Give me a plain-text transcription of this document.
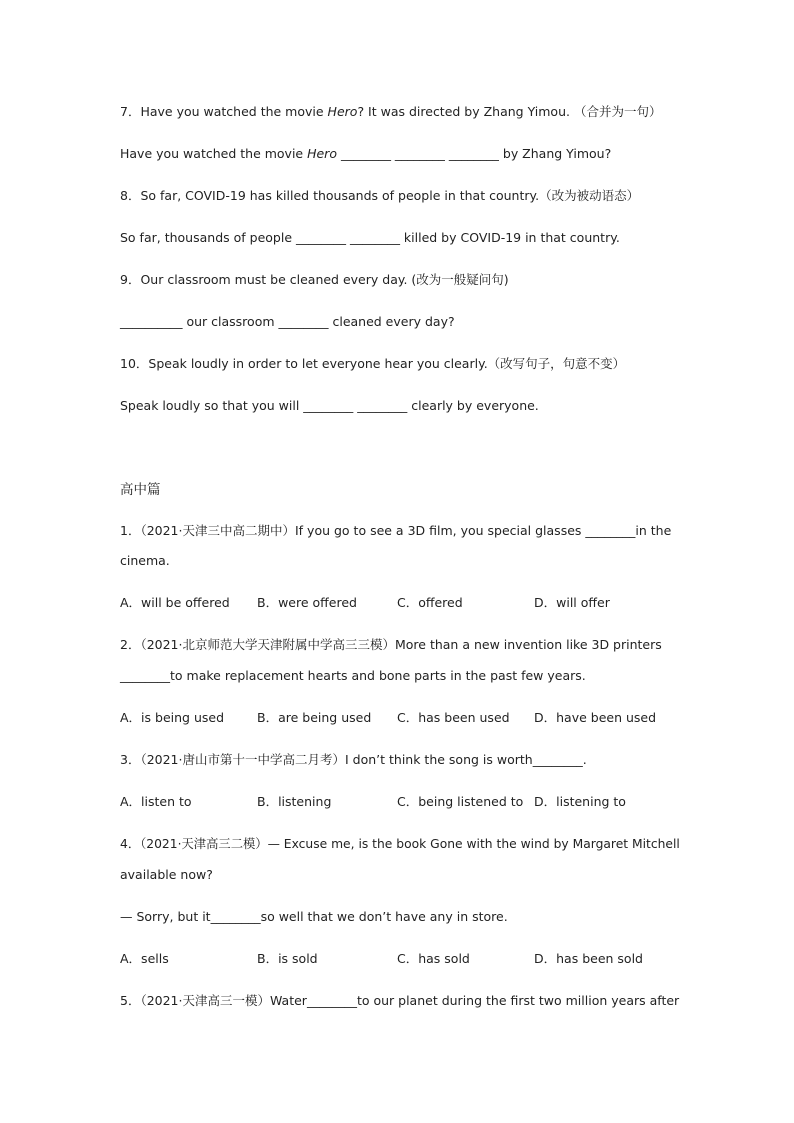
7．Have you watched the movie Hero? It was directed by Zhang Yimou. （合并为一句）
Have you watched the movie Hero ________ ________ ________ by Zhang Yimou?
8．So far, COVID-19 has killed thousands of people in that country.（改为被动语态）
So far, thousands of people ________ ________ killed by COVID-19 in that country.
9．Our classroom must be cleaned every day. (改为一般疑问句)
__________ our classroom ________ cleaned every day?
10．Speak loudly in order to let everyone hear you clearly.（改写句子，句意不变）
Speak loudly so that you will ________ ________ clearly by everyone.
高中篇
1．（2021·天津三中高二期中）If you go to see a 3D film, you special glasses ________in the
cinema.
A．will be offered B．were offered	C．offered	D．will offer
2．（2021·北京师范大学天津附属中学高三三模）More than a new invention like 3D printers
________to make replacement hearts and bone parts in the past few years.
A．is being used	B．are being used C．has been used D．have been used
3．（2021·唐山市第十一中学高二月考）I don’t think the song is worth________.
A．listen to	B．listening	C．being listened to D．listening to
4．（2021·天津高三二模）— Excuse me, is the book Gone with the wind by Margaret Mitchell
available now?
— Sorry, but it________so well that we don’t have any in store.
A．sells	B．is sold	C．has sold	D．has been sold
5．（2021·天津高三一模）Water________to our planet during the first two million years after
